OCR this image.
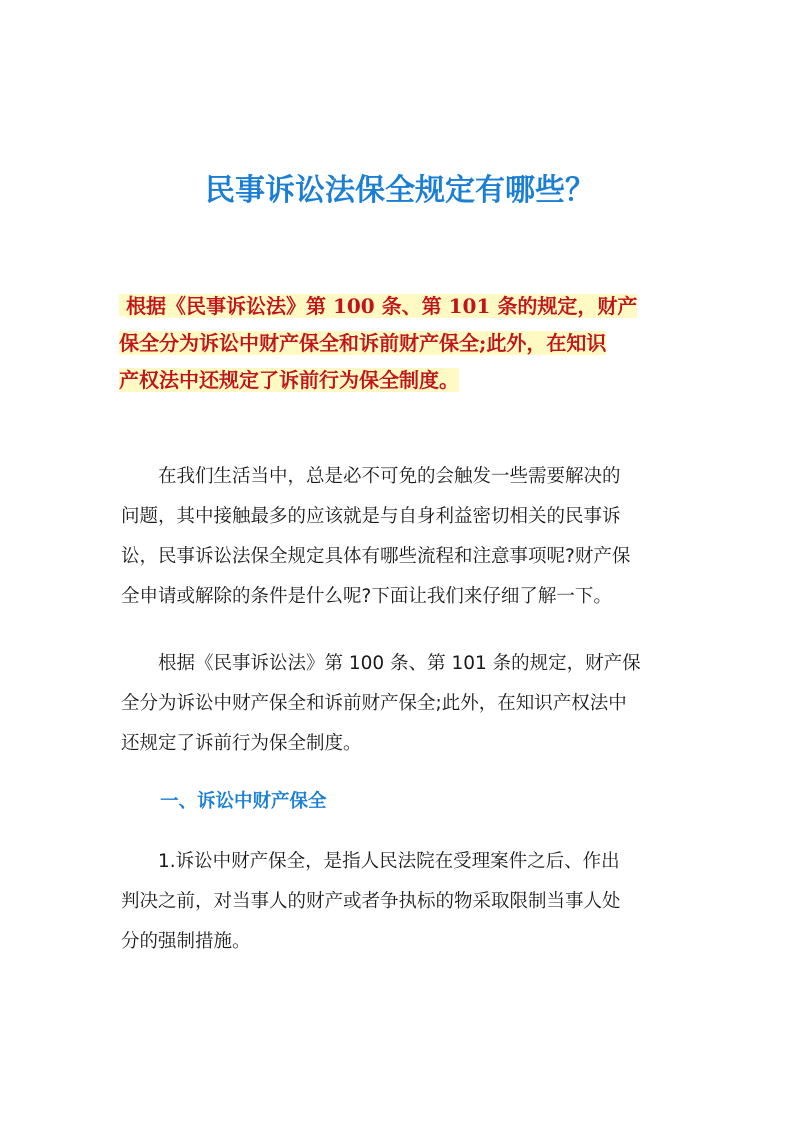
民事诉讼法保全规定有哪些？
根据《民事诉讼法》第 100 条、第 101 条的规定，财产
保全分为诉讼中财产保全和诉前财产保全;此外，在知识
产权法中还规定了诉前行为保全制度。
　　在我们生活当中，总是必不可免的会触发一些需要解决的
问题，其中接触最多的应该就是与自身利益密切相关的民事诉
讼，民事诉讼法保全规定具体有哪些流程和注意事项呢?财产保
全申请或解除的条件是什么呢?下面让我们来仔细了解一下。
　　根据《民事诉讼法》第 100 条、第 101 条的规定，财产保
全分为诉讼中财产保全和诉前财产保全;此外，在知识产权法中
还规定了诉前行为保全制度。
一、诉讼中财产保全
　　1.诉讼中财产保全，是指人民法院在受理案件之后、作出
判决之前，对当事人的财产或者争执标的物采取限制当事人处
分的强制措施。
